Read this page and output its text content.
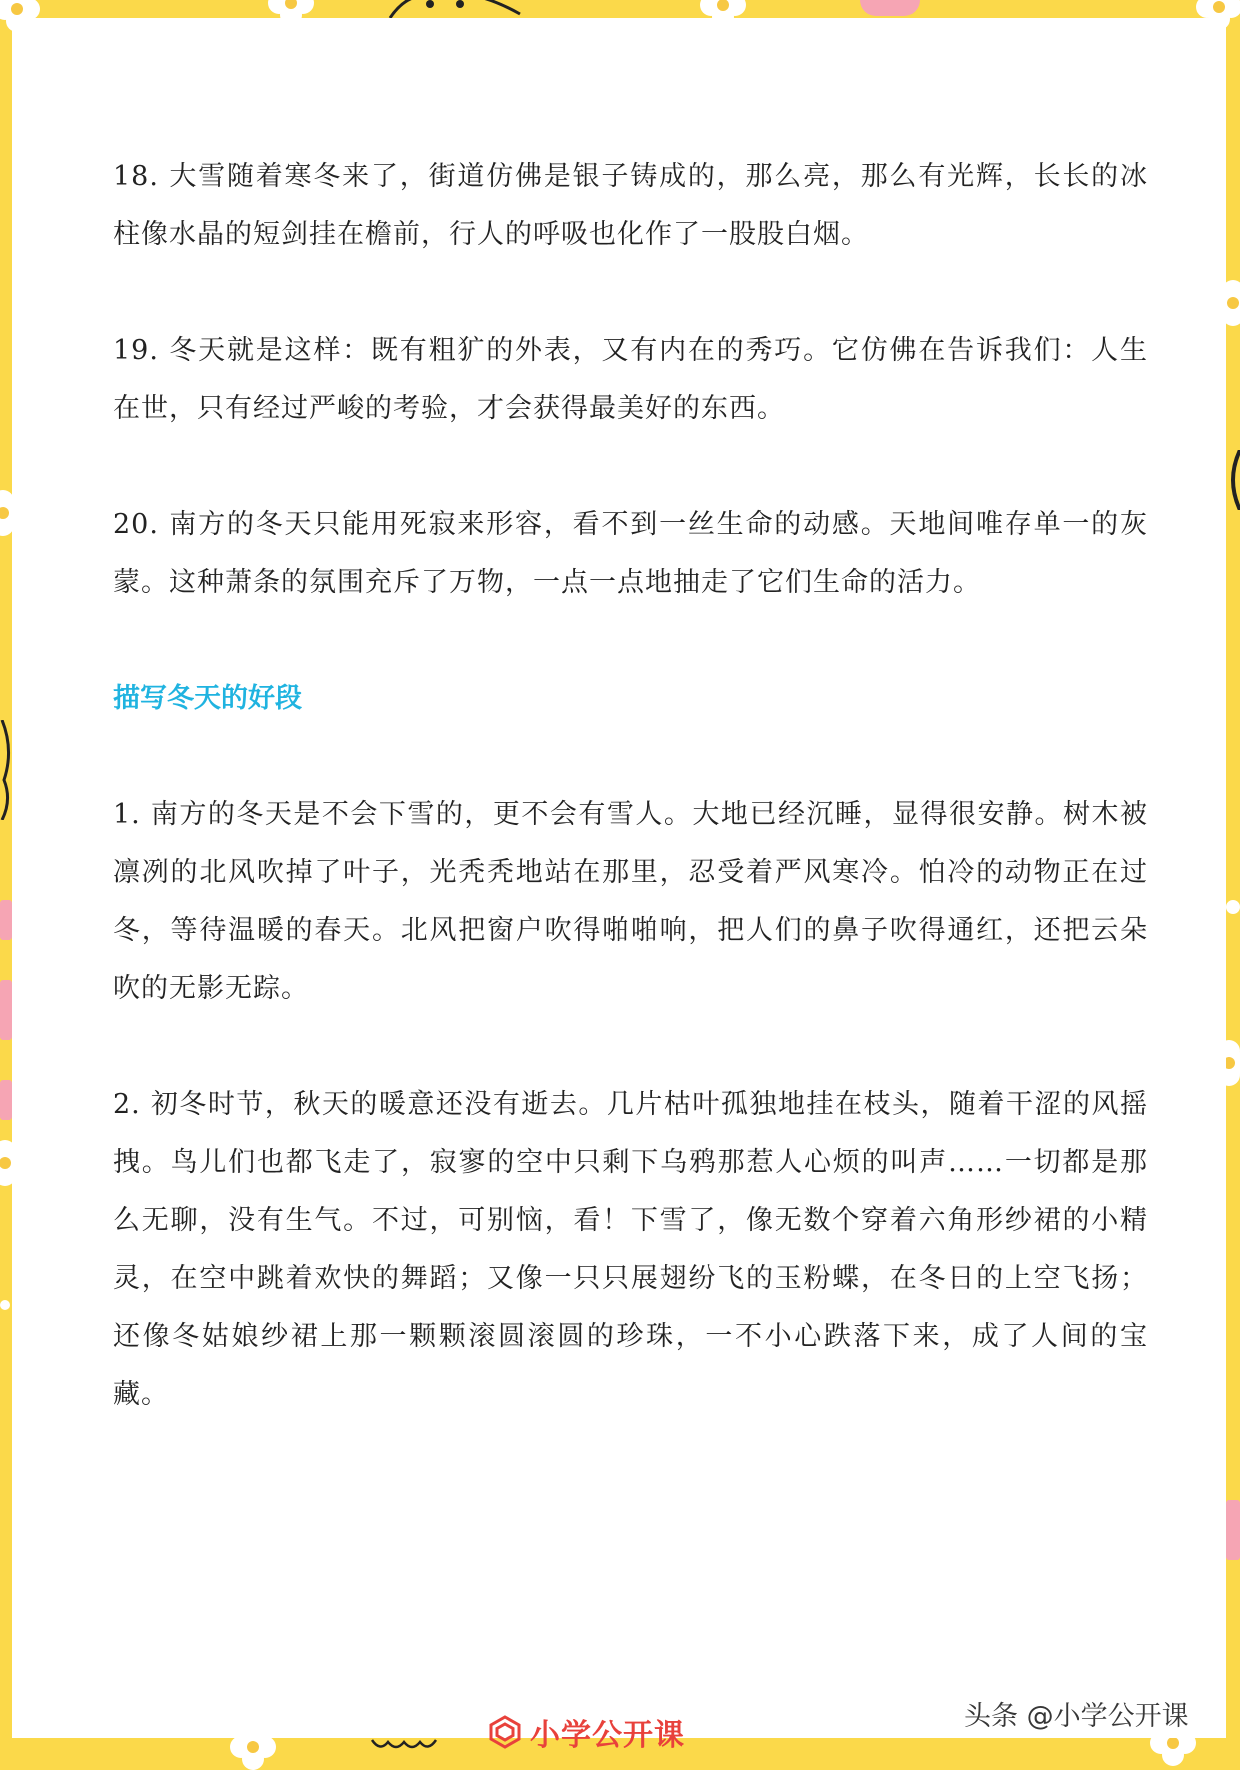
18. 大雪随着寒冬来了，街道仿佛是银子铸成的，那么亮，那么有光辉，长长的冰柱像水晶的短剑挂在檐前，行人的呼吸也化作了一股股白烟。

19. 冬天就是这样：既有粗犷的外表，又有内在的秀巧。它仿佛在告诉我们：人生在世，只有经过严峻的考验，才会获得最美好的东西。

20. 南方的冬天只能用死寂来形容，看不到一丝生命的动感。天地间唯存单一的灰蒙。这种萧条的氛围充斥了万物，一点一点地抽走了它们生命的活力。

描写冬天的好段

1. 南方的冬天是不会下雪的，更不会有雪人。大地已经沉睡，显得很安静。树木被凛冽的北风吹掉了叶子，光秃秃地站在那里，忍受着严风寒冷。怕冷的动物正在过冬，等待温暖的春天。北风把窗户吹得啪啪响，把人们的鼻子吹得通红，还把云朵吹的无影无踪。

2. 初冬时节，秋天的暖意还没有逝去。几片枯叶孤独地挂在枝头，随着干涩的风摇拽。鸟儿们也都飞走了，寂寥的空中只剩下乌鸦那惹人心烦的叫声……一切都是那么无聊，没有生气。不过，可别恼，看！下雪了，像无数个穿着六角形纱裙的小精灵，在空中跳着欢快的舞蹈；又像一只只展翅纷飞的玉粉蝶，在冬日的上空飞扬；还像冬姑娘纱裙上那一颗颗滚圆滚圆的珍珠，一不小心跌落下来，成了人间的宝藏。

头条 @小学公开课
小学公开课
